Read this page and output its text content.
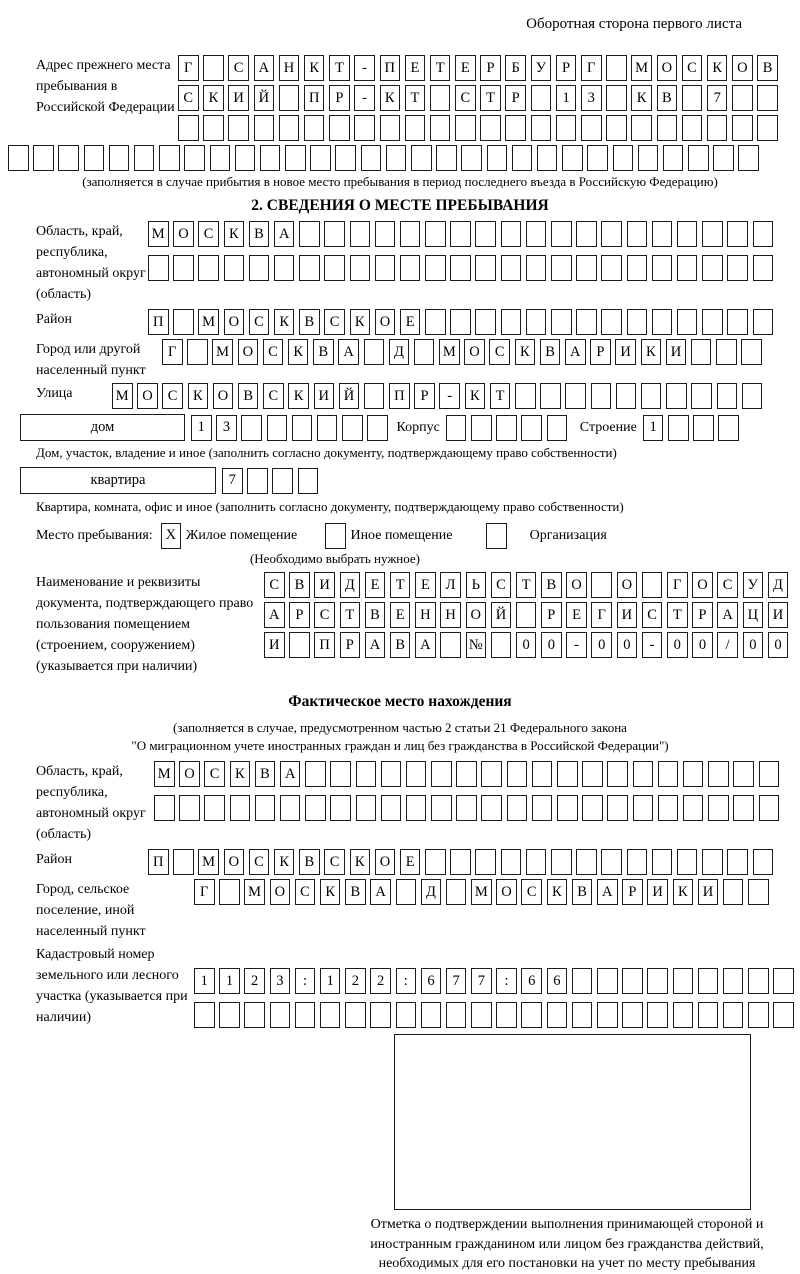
Оборотная сторона первого листа
Адрес прежнего места пребывания в Российской Федерации
Г	С	А	Н	К	Т	-	П	Е	Т	Е	Р	Б	У	Р	Г	М О	С	К	О	В
С	К	И	Й	П	Р	-	К	Т	С	Т	Р	1	3	К	В	7
(заполняется в случае прибытия в новое место пребывания в период последнего въезда в Российскую Федерацию)
2. СВЕДЕНИЯ О МЕСТЕ ПРЕБЫВАНИЯ
Область, край, республика, автономный округ (область)
М О	С	К	В	А
Район	П	М О	С	К	В	С	К	О	Е
Город или другой населенный пункт
Г	М О	С	К	В	А	Д	М О	С	К	В	А	Р	И	К	И
Улица	М О	С	К	О	В	С	К	И	Й	П	Р	-	К	Т
дом	1	3	Корпус	Строение 1
Дом, участок, владение и иное (заполнить согласно документу, подтверждающему право собственности)
квартира	7
Квартира, комната, офис и иное (заполнить согласно документу, подтверждающему право собственности)
Место пребывания: X Жилое помещение	Иное помещение	Организация
(Необходимо выбрать нужное)
Наименование и реквизиты документа, подтверждающего право пользования помещением (строением, сооружением) (указывается при наличии)
С	В	И	Д	Е	Т	Е	Л	Ь	С	Т	В	О	О	Г	О	С	У	Д
А	Р	С	Т	В	Е	Н	Н	О	Й	Р	Е	Г	И	С	Т	Р	А	Ц	И
И	П	Р	А	В	А	№	0	0	-	0	0	-	0	0	/	0	0
Фактическое место нахождения
(заполняется в случае, предусмотренном частью 2 статьи 21 Федерального закона
"О миграционном учете иностранных граждан и лиц без гражданства в Российской Федерации")
Область, край, республика, автономный округ (область)
М О	С	К	В	А
Район	П	М О	С	К	В	С	К	О	Е
Город, сельское поселение, иной населенный пункт
Г	М О	С	К	В	А	Д	М О	С	К	В	А	Р	И	К	И
Кадастровый номер земельного или лесного участка (указывается при наличии)
1	1	2	3	:	1	2	2	:	6	7	7	:	6	6
Отметка о подтверждении выполнения принимающей стороной и иностранным гражданином или лицом без гражданства действий, необходимых для его постановки на учет по месту пребывания
